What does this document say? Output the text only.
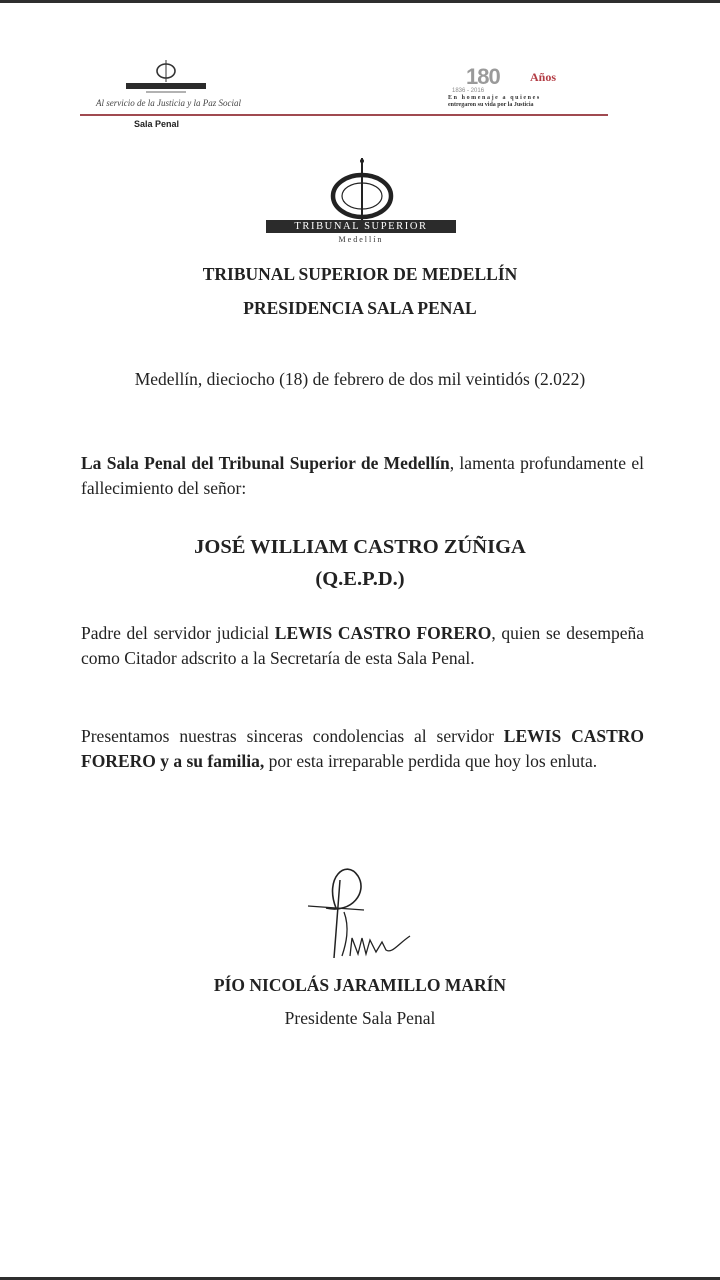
Al servicio de la Justicia y la Paz Social
Sala Penal
180	Años
1836 - 2016
En homenaje a quienes
entregaron su vida por la Justicia
TRIBUNAL SUPERIOR
Medellín
TRIBUNAL SUPERIOR DE MEDELLÍN
PRESIDENCIA SALA PENAL
Medellín, dieciocho (18) de febrero de dos mil veintidós (2.022)
La Sala Penal del Tribunal Superior de Medellín, lamenta profundamente el fallecimiento del señor:
JOSÉ WILLIAM CASTRO ZÚÑIGA
(Q.E.P.D.)
Padre del servidor judicial LEWIS CASTRO FORERO, quien se desempeña como Citador adscrito a la Secretaría de esta Sala Penal.
Presentamos nuestras sinceras condolencias al servidor LEWIS CASTRO FORERO y a su familia, por esta irreparable perdida que hoy los enluta.
PÍO NICOLÁS JARAMILLO MARÍN
Presidente Sala Penal
